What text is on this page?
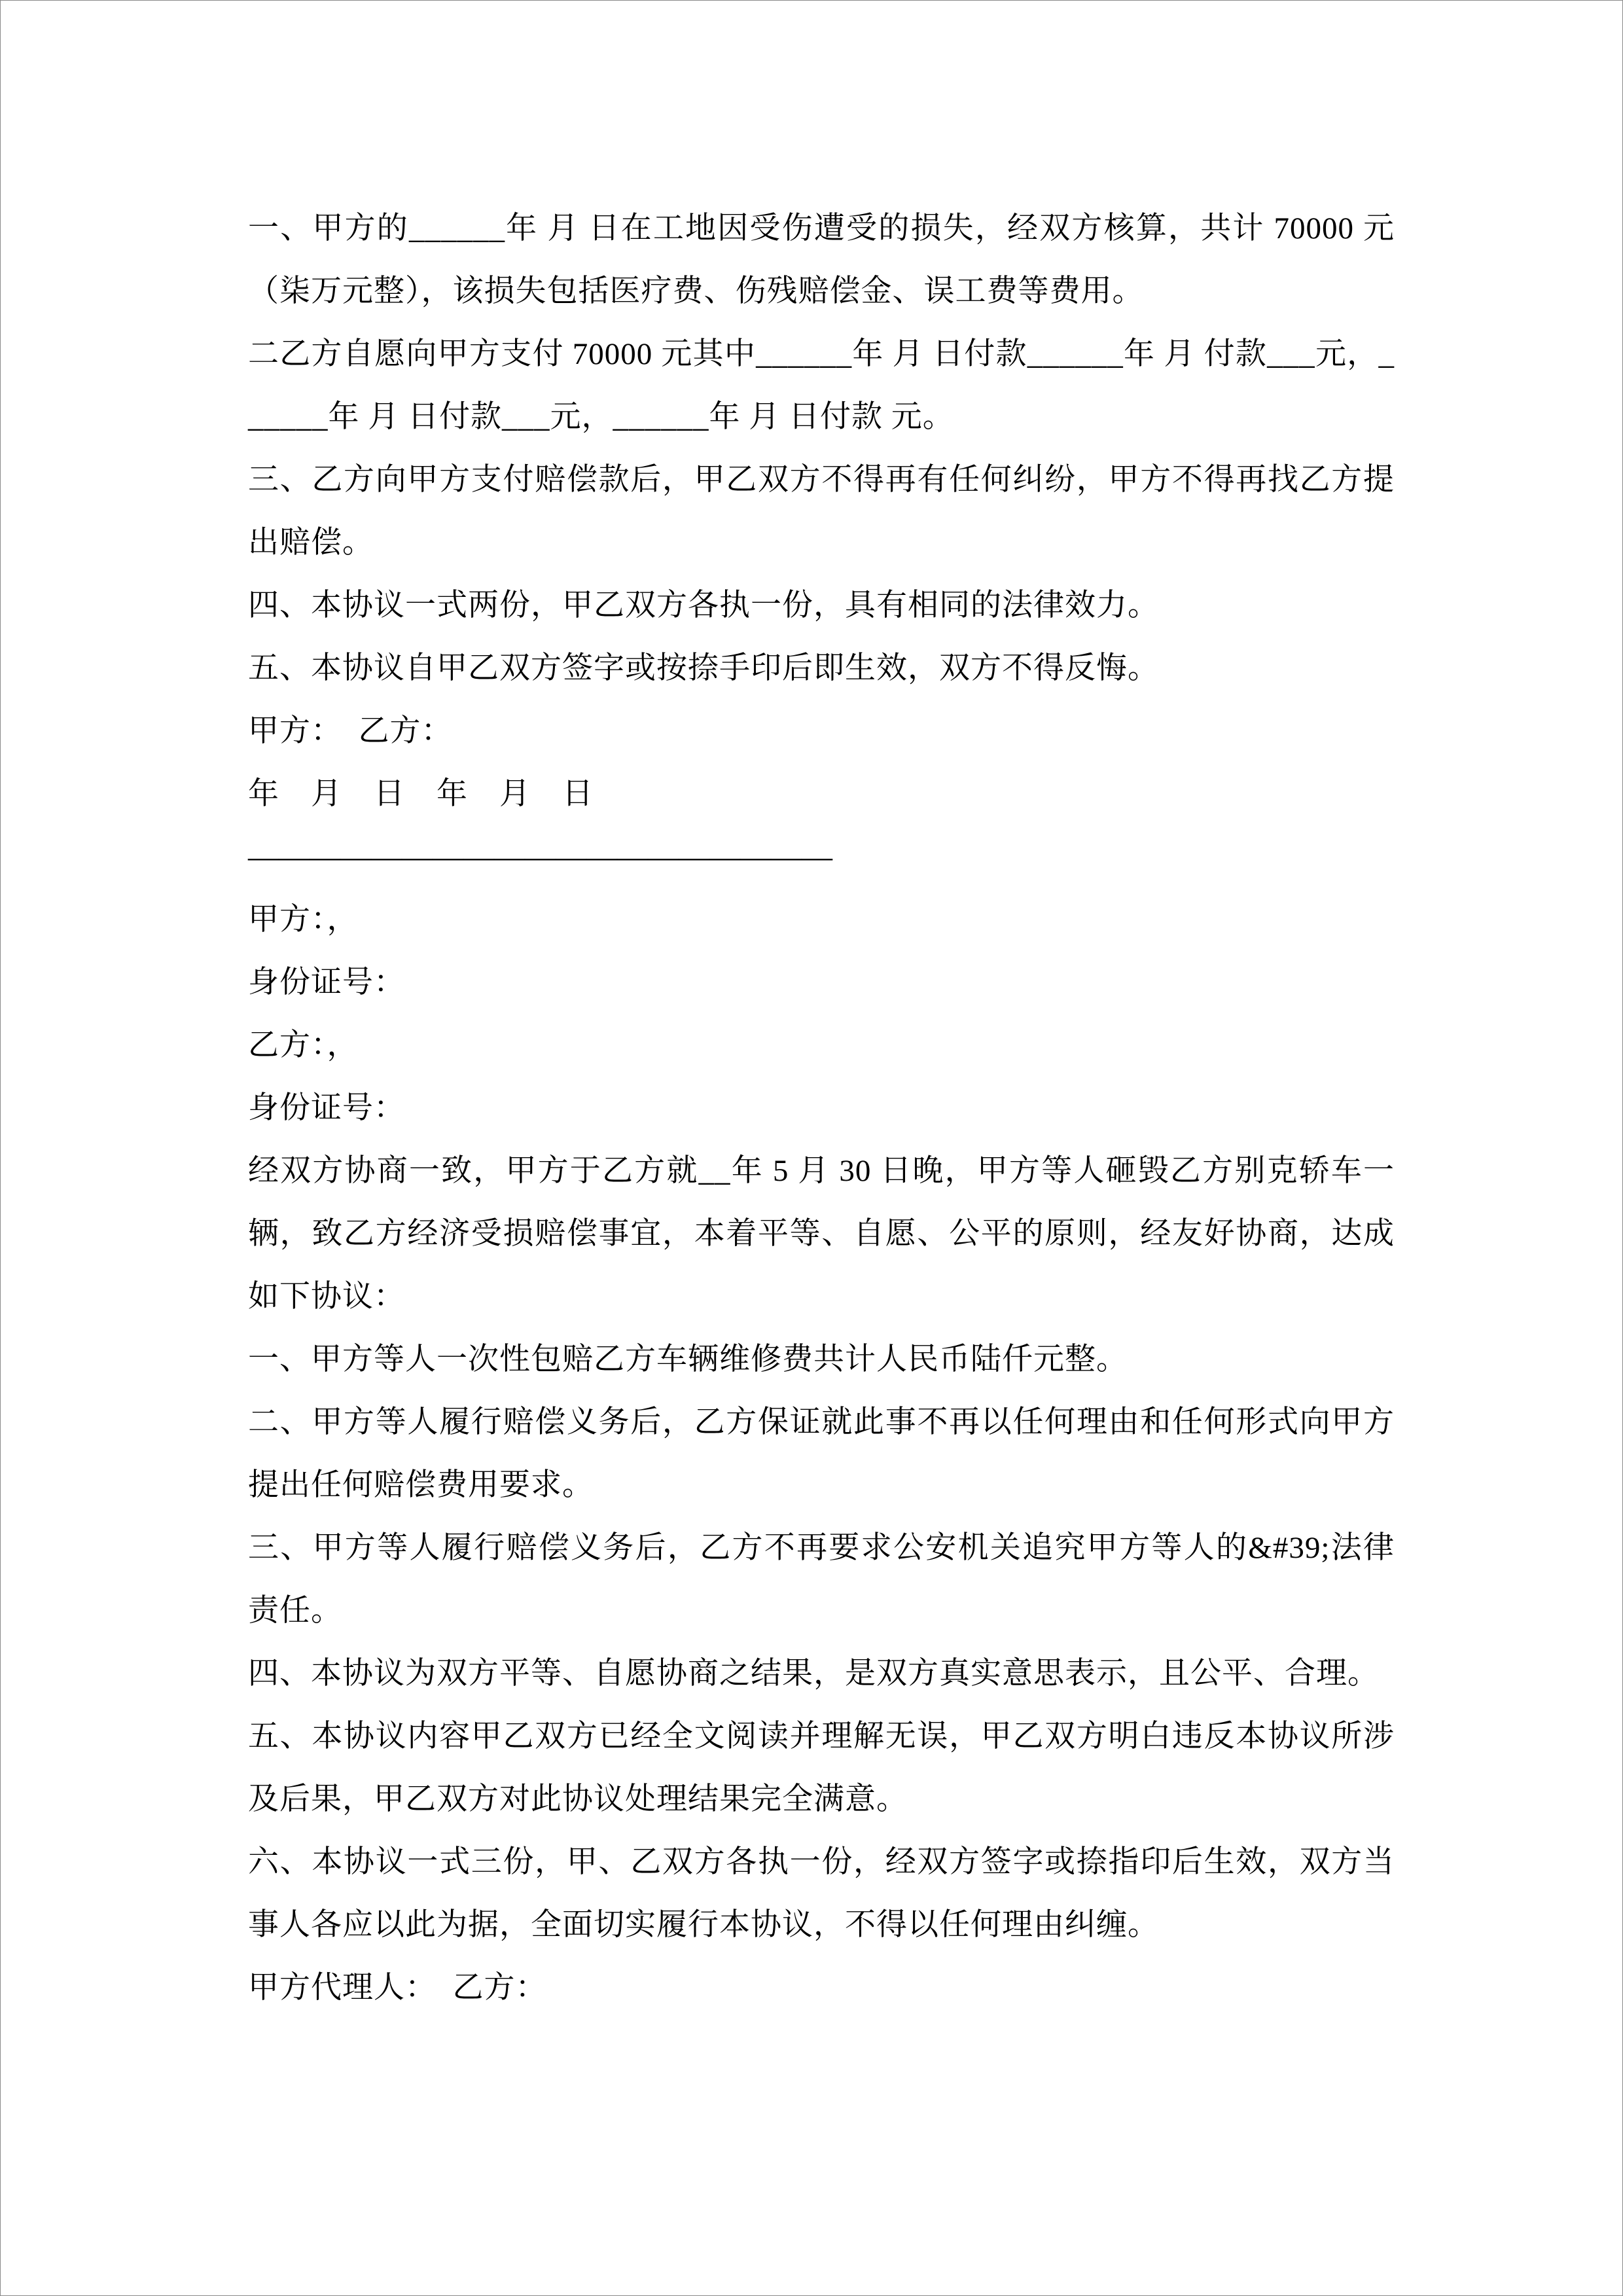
一、甲方的______年 月 日在工地因受伤遭受的损失，经双方核算，共计 70000 元（柒万元整），该损失包括医疗费、伤残赔偿金、误工费等费用。

二乙方自愿向甲方支付 70000 元其中______年 月 日付款______年 月 付款___元，______年 月 日付款___元，______年 月 日付款 元。

三、乙方向甲方支付赔偿款后，甲乙双方不得再有任何纠纷，甲方不得再找乙方提出赔偿。

四、本协议一式两份，甲乙双方各执一份，具有相同的法律效力。

五、本协议自甲乙双方签字或按捺手印后即生效，双方不得反悔。

甲方：　乙方：

年　月　日　年　月　日

———————————————————

甲方：，

身份证号：

乙方：，

身份证号：

经双方协商一致，甲方于乙方就__年 5 月 30 日晚，甲方等人砸毁乙方别克轿车一辆，致乙方经济受损赔偿事宜，本着平等、自愿、公平的原则，经友好协商，达成如下协议：

一、甲方等人一次性包赔乙方车辆维修费共计人民币陆仟元整。

二、甲方等人履行赔偿义务后，乙方保证就此事不再以任何理由和任何形式向甲方提出任何赔偿费用要求。

三、甲方等人履行赔偿义务后，乙方不再要求公安机关追究甲方等人的&#39;法律责任。

四、本协议为双方平等、自愿协商之结果，是双方真实意思表示，且公平、合理。

五、本协议内容甲乙双方已经全文阅读并理解无误，甲乙双方明白违反本协议所涉及后果，甲乙双方对此协议处理结果完全满意。

六、本协议一式三份，甲、乙双方各执一份，经双方签字或捺指印后生效，双方当事人各应以此为据，全面切实履行本协议，不得以任何理由纠缠。

甲方代理人：　乙方：
